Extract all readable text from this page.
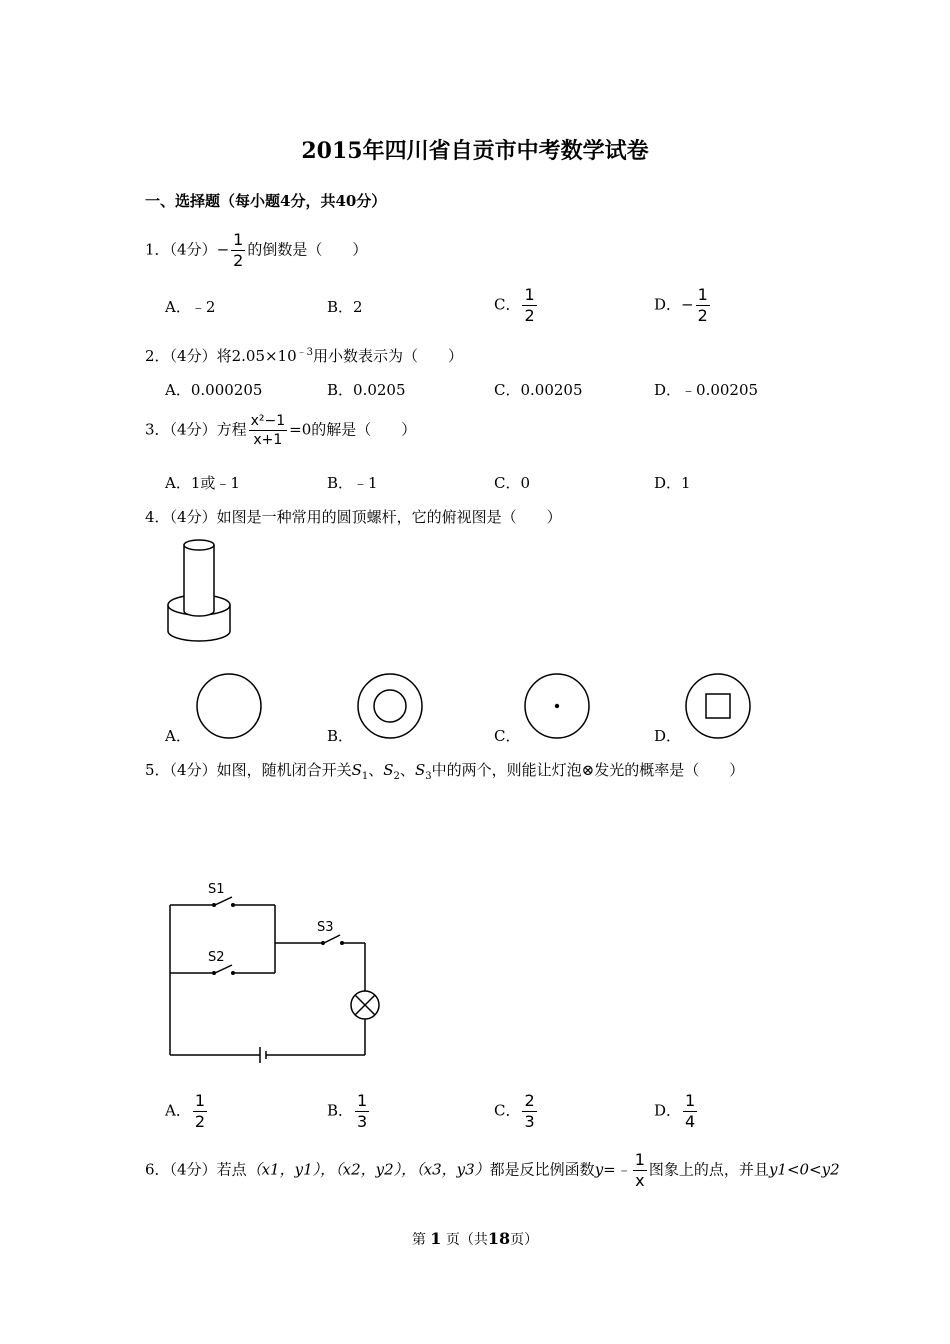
2015年四川省自贡市中考数学试卷
一、选择题（每小题4分，共40分）
1．（4分）− $\frac{1}{2}$ 的倒数是（　　）
A．﹣2	B．2	C． $\frac{1}{2}$	D．− $\frac{1}{2}$
2．（4分）将$2.05\times 10^{﹣3}$用小数表示为（　　）
A．0.000205	B．0.0205	C．0.00205	D．﹣0.00205
3．（4分）方程 $\frac{\text{x²−1}}{x+1} =0$的解是（　　）
A．1或﹣1	B．﹣1	C．0	D．1
4．（4分）如图是一种常用的圆顶螺杆，它的俯视图是（　　）
A．	B．	C．	D．
5．（4分）如图，随机闭合开关$S_1$、$S_2$、$S_3$中的两个，则能让灯泡⊗发光的概率是（　　）
S1
S2
S3
A． $\frac{1}{2}$	B． $\frac{1}{3}$	C． $\frac{2}{3}$	D． $\frac{1}{4}$
6．（4分）若点（x1，y1），（x2，y2），（x3，y3）都是反比例函数y=﹣ $\frac{1}{x}$ 图象上的点，并且y1<0<y2
第 1 页（共18页）
